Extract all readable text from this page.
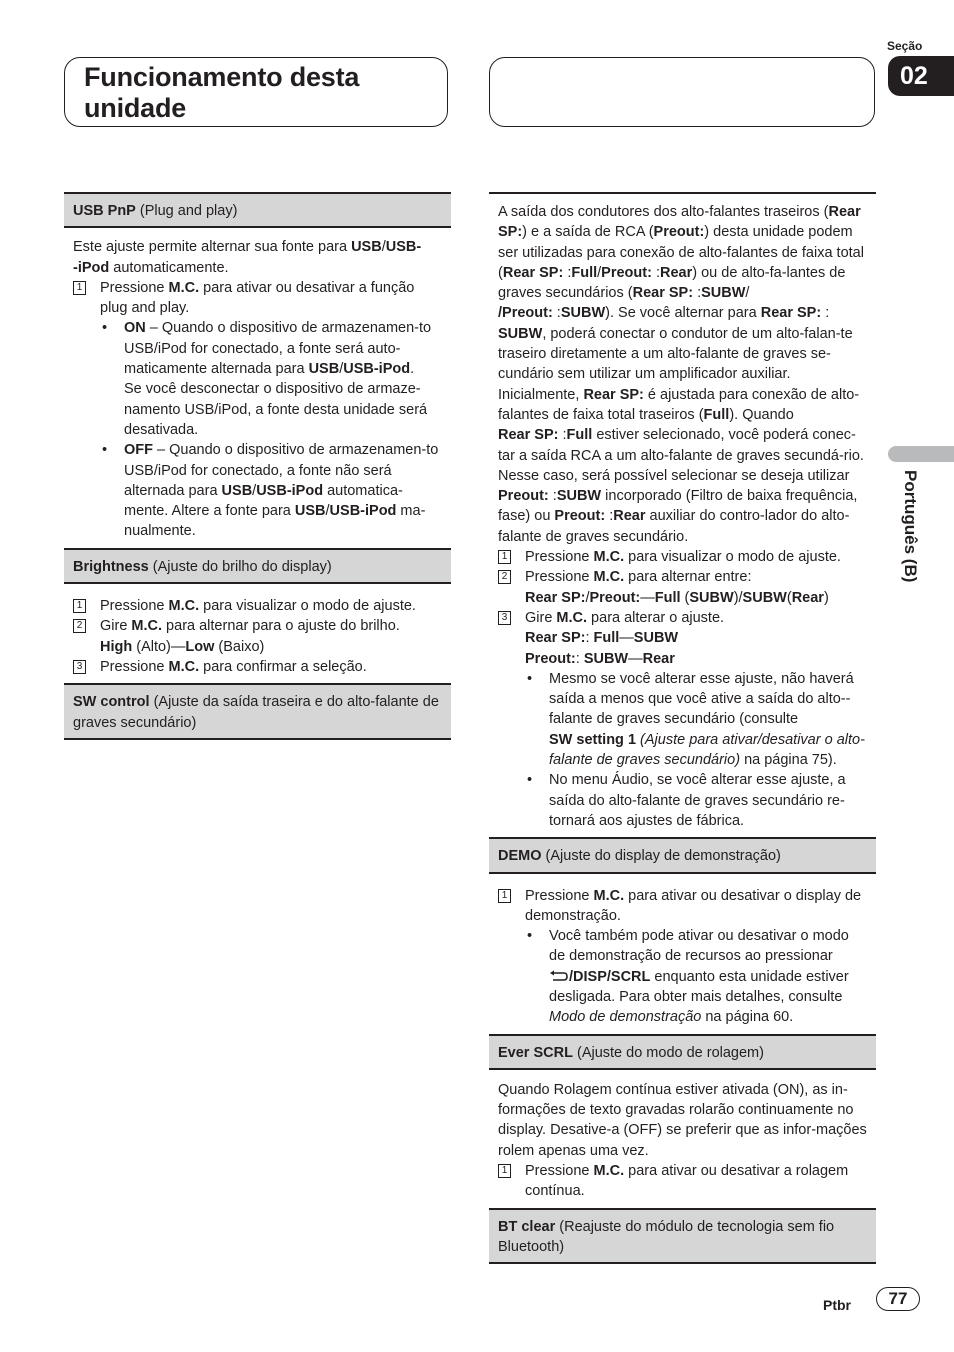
Funcionamento desta
unidade
Seção
02
Português (B)
USB PnP (Plug and play)

Este ajuste permite alternar sua fonte para USB/USB-
-iPod automaticamente.

1 Pressione M.C. para ativar ou desativar a função plug and play.
•	ON – Quando o dispositivo de armazenamen-to USB/iPod for conectado, a fonte será auto-maticamente alternada para USB/USB-iPod.
Se você desconectar o dispositivo de armaze-namento USB/iPod, a fonte desta unidade será desativada.
•	OFF – Quando o dispositivo de armazenamen-to USB/iPod for conectado, a fonte não será alternada para USB/USB-iPod automatica-mente. Altere a fonte para USB/USB-iPod ma-nualmente.
Brightness (Ajuste do brilho do display)
1 Pressione M.C. para visualizar o modo de ajuste.
2 Gire M.C. para alternar para o ajuste do brilho.
High (Alto)—Low (Baixo)
3 Pressione M.C. para confirmar a seleção.
SW control (Ajuste da saída traseira e do alto-falante de graves secundário)

A saída dos condutores dos alto-falantes traseiros (Rear SP:) e a saída de RCA (Preout:) desta unidade podem ser utilizadas para conexão de alto-falantes de faixa total (Rear SP: :Full/Preout: :Rear) ou de alto-fa-lantes de graves secundários (Rear SP: :SUBW/
/Preout: :SUBW). Se você alternar para Rear SP: :
SUBW, poderá conectar o condutor de um alto-falan-te traseiro diretamente a um alto-falante de graves se-cundário sem utilizar um amplificador auxiliar.

Inicialmente, Rear SP: é ajustada para conexão de alto-falantes de faixa total traseiros (Full). Quando
Rear SP: :Full estiver selecionado, você poderá conec-tar a saída RCA a um alto-falante de graves secundá-rio. Nesse caso, será possível selecionar se deseja utilizar Preout: :SUBW incorporado (Filtro de baixa frequência, fase) ou Preout: :Rear auxiliar do contro-lador do alto-falante de graves secundário.

1 Pressione M.C. para visualizar o modo de ajuste.
2 Pressione M.C. para alternar entre:
Rear SP:/Preout:—Full (SUBW)/SUBW(Rear)
3 Gire M.C. para alterar o ajuste.
Rear SP:: Full—SUBW
Preout:: SUBW—Rear
•	Mesmo se você alterar esse ajuste, não haverá saída a menos que você ative a saída do alto--falante de graves secundário (consulte
SW setting 1 (Ajuste para ativar/desativar o alto-falante de graves secundário) na página 75).
•	No menu Áudio, se você alterar esse ajuste, a saída do alto-falante de graves secundário re-tornará aos ajustes de fábrica.
DEMO (Ajuste do display de demonstração)
1 Pressione M.C. para ativar ou desativar o display de demonstração.
•	Você também pode ativar ou desativar o modo de demonstração de recursos ao pressionar
/DISP/SCRL enquanto esta unidade estiver desligada. Para obter mais detalhes, consulte Modo de demonstração na página 60.
Ever SCRL (Ajuste do modo de rolagem)

Quando Rolagem contínua estiver ativada (ON), as in-formações de texto gravadas rolarão continuamente no display. Desative-a (OFF) se preferir que as infor-mações rolem apenas uma vez.

1 Pressione M.C. para ativar ou desativar a rolagem contínua.
BT clear (Reajuste do módulo de tecnologia sem fio Bluetooth)
Ptbr	77
